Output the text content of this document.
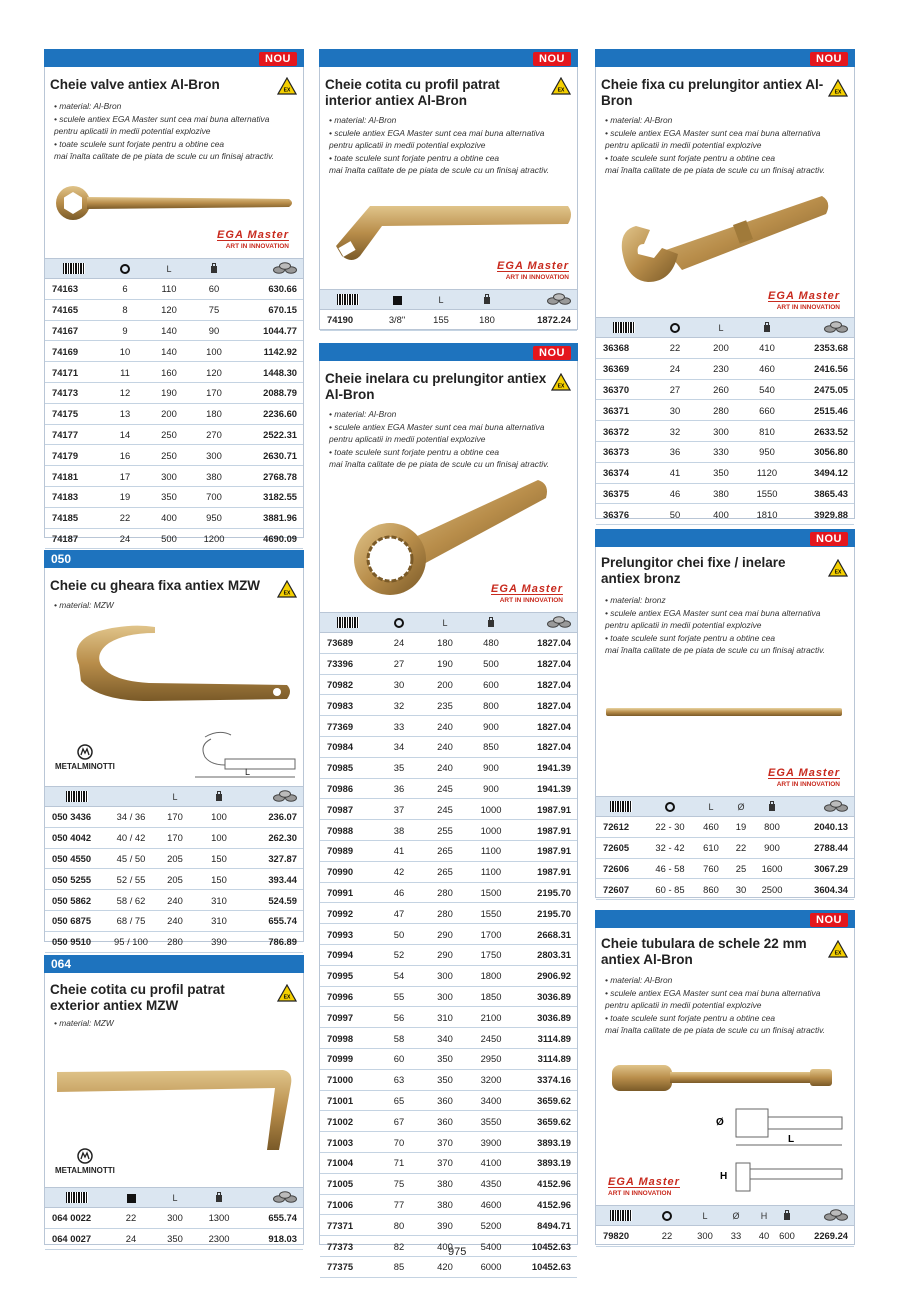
NOU
Cheie valve antiex Al-Bron	EX
• material: Al-Bron
• sculele antiex EGA Master sunt cea mai buna alternativa
pentru aplicatii in medii potential explozive
• toate sculele sunt forjate pentru a obtine cea
mai înalta calitate de pe piata de scule cu un finisaj atractiv.
EGA Master
ART IN INNOVATION
		L		
74163	6	110	60	630.66
74165	8	120	75	670.15
74167	9	140	90	1044.77
74169	10	140	100	1142.92
74171	11	160	120	1448.30
74173	12	190	170	2088.79
74175	13	200	180	2236.60
74177	14	250	270	2522.31
74179	16	250	300	2630.71
74181	17	300	380	2768.78
74183	19	350	700	3182.55
74185	22	400	950	3881.96
74187	24	500	1200	4690.09
050
Cheie cu gheara fixa antiex MZW
EX
• material: MZW
L
METALMINOTTI
		L		
050 3436	34 / 36	170	100	236.07
050 4042	40 / 42	170	100	262.30
050 4550	45 / 50	205	150	327.87
050 5255	52 / 55	205	150	393.44
050 5862	58 / 62	240	310	524.59
050 6875	68 / 75	240	310	655.74
050 9510	95 / 100	280	390	786.89
064
Cheie cotita cu profil patrat exterior antiex MZW
EX
• material: MZW
METALMINOTTI
		L		
064 0022	22	300	1300	655.74
064 0027	24	350	2300	918.03
NOU
Cheie cotita cu profil patrat interior antiex Al-Bron
EX
• material: Al-Bron
• sculele antiex EGA Master sunt cea mai buna alternativa
pentru aplicatii in medii potential explozive
• toate sculele sunt forjate pentru a obtine cea
mai înalta calitate de pe piata de scule cu un finisaj atractiv.
EGA Master
ART IN INNOVATION
		L		
74190	3/8"	155	180	1872.24
NOU
Cheie inelara cu prelungitor antiex Al-Bron
EX
• material: Al-Bron
• sculele antiex EGA Master sunt cea mai buna alternativa
pentru aplicatii in medii potential explozive
• toate sculele sunt forjate pentru a obtine cea
mai înalta calitate de pe piata de scule cu un finisaj atractiv.
EGA Master
ART IN INNOVATION
		L		
73689	24	180	480	1827.04
73396	27	190	500	1827.04
70982	30	200	600	1827.04
70983	32	235	800	1827.04
77369	33	240	900	1827.04
70984	34	240	850	1827.04
70985	35	240	900	1941.39
70986	36	245	900	1941.39
70987	37	245	1000	1987.91
70988	38	255	1000	1987.91
70989	41	265	1100	1987.91
70990	42	265	1100	1987.91
70991	46	280	1500	2195.70
70992	47	280	1550	2195.70
70993	50	290	1700	2668.31
70994	52	290	1750	2803.31
70995	54	300	1800	2906.92
70996	55	300	1850	3036.89
70997	56	310	2100	3036.89
70998	58	340	2450	3114.89
70999	60	350	2950	3114.89
71000	63	350	3200	3374.16
71001	65	360	3400	3659.62
71002	67	360	3550	3659.62
71003	70	370	3900	3893.19
71004	71	370	4100	3893.19
71005	75	380	4350	4152.96
71006	77	380	4600	4152.96
77371	80	390	5200	8494.71
77373	82	400	5400	10452.63
77375	85	420	6000	10452.63
NOU
Cheie fixa cu prelungitor antiex Al-Bron
EX
• material: Al-Bron
• sculele antiex EGA Master sunt cea mai buna alternativa
pentru aplicatii in medii potential explozive
• toate sculele sunt forjate pentru a obtine cea
mai înalta calitate de pe piata de scule cu un finisaj atractiv.
EGA Master
ART IN INNOVATION
		L		
36368	22	200	410	2353.68
36369	24	230	460	2416.56
36370	27	260	540	2475.05
36371	30	280	660	2515.46
36372	32	300	810	2633.52
36373	36	330	950	3056.80
36374	41	350	1120	3494.12
36375	46	380	1550	3865.43
36376	50	400	1810	3929.88
NOU
Prelungitor chei fixe / inelare antiex bronz	EX
• material: bronz
• sculele antiex EGA Master sunt cea mai buna alternativa
pentru aplicatii in medii potential explozive
• toate sculele sunt forjate pentru a obtine cea
mai înalta calitate de pe piata de scule cu un finisaj atractiv.
EGA Master
ART IN INNOVATION
		L	Ø		
72612	22 - 30	460	19	800	2040.13
72605	32 - 42	610	22	900	2788.44
72606	46 - 58	760	25	1600	3067.29
72607	60 - 85	860	30	2500	3604.34
NOU
Cheie tubulara de schele 22 mm antiex Al-Bron	EX
• material: Al-Bron
• sculele antiex EGA Master sunt cea mai buna alternativa
pentru aplicatii in medii potential explozive
• toate sculele sunt forjate pentru a obtine cea
mai înalta calitate de pe piata de scule cu un finisaj atractiv.
Ø
L
H
EGA Master
ART IN INNOVATION
		L	Ø	H		
79820	22	300	33	40	600	2269.24
975
